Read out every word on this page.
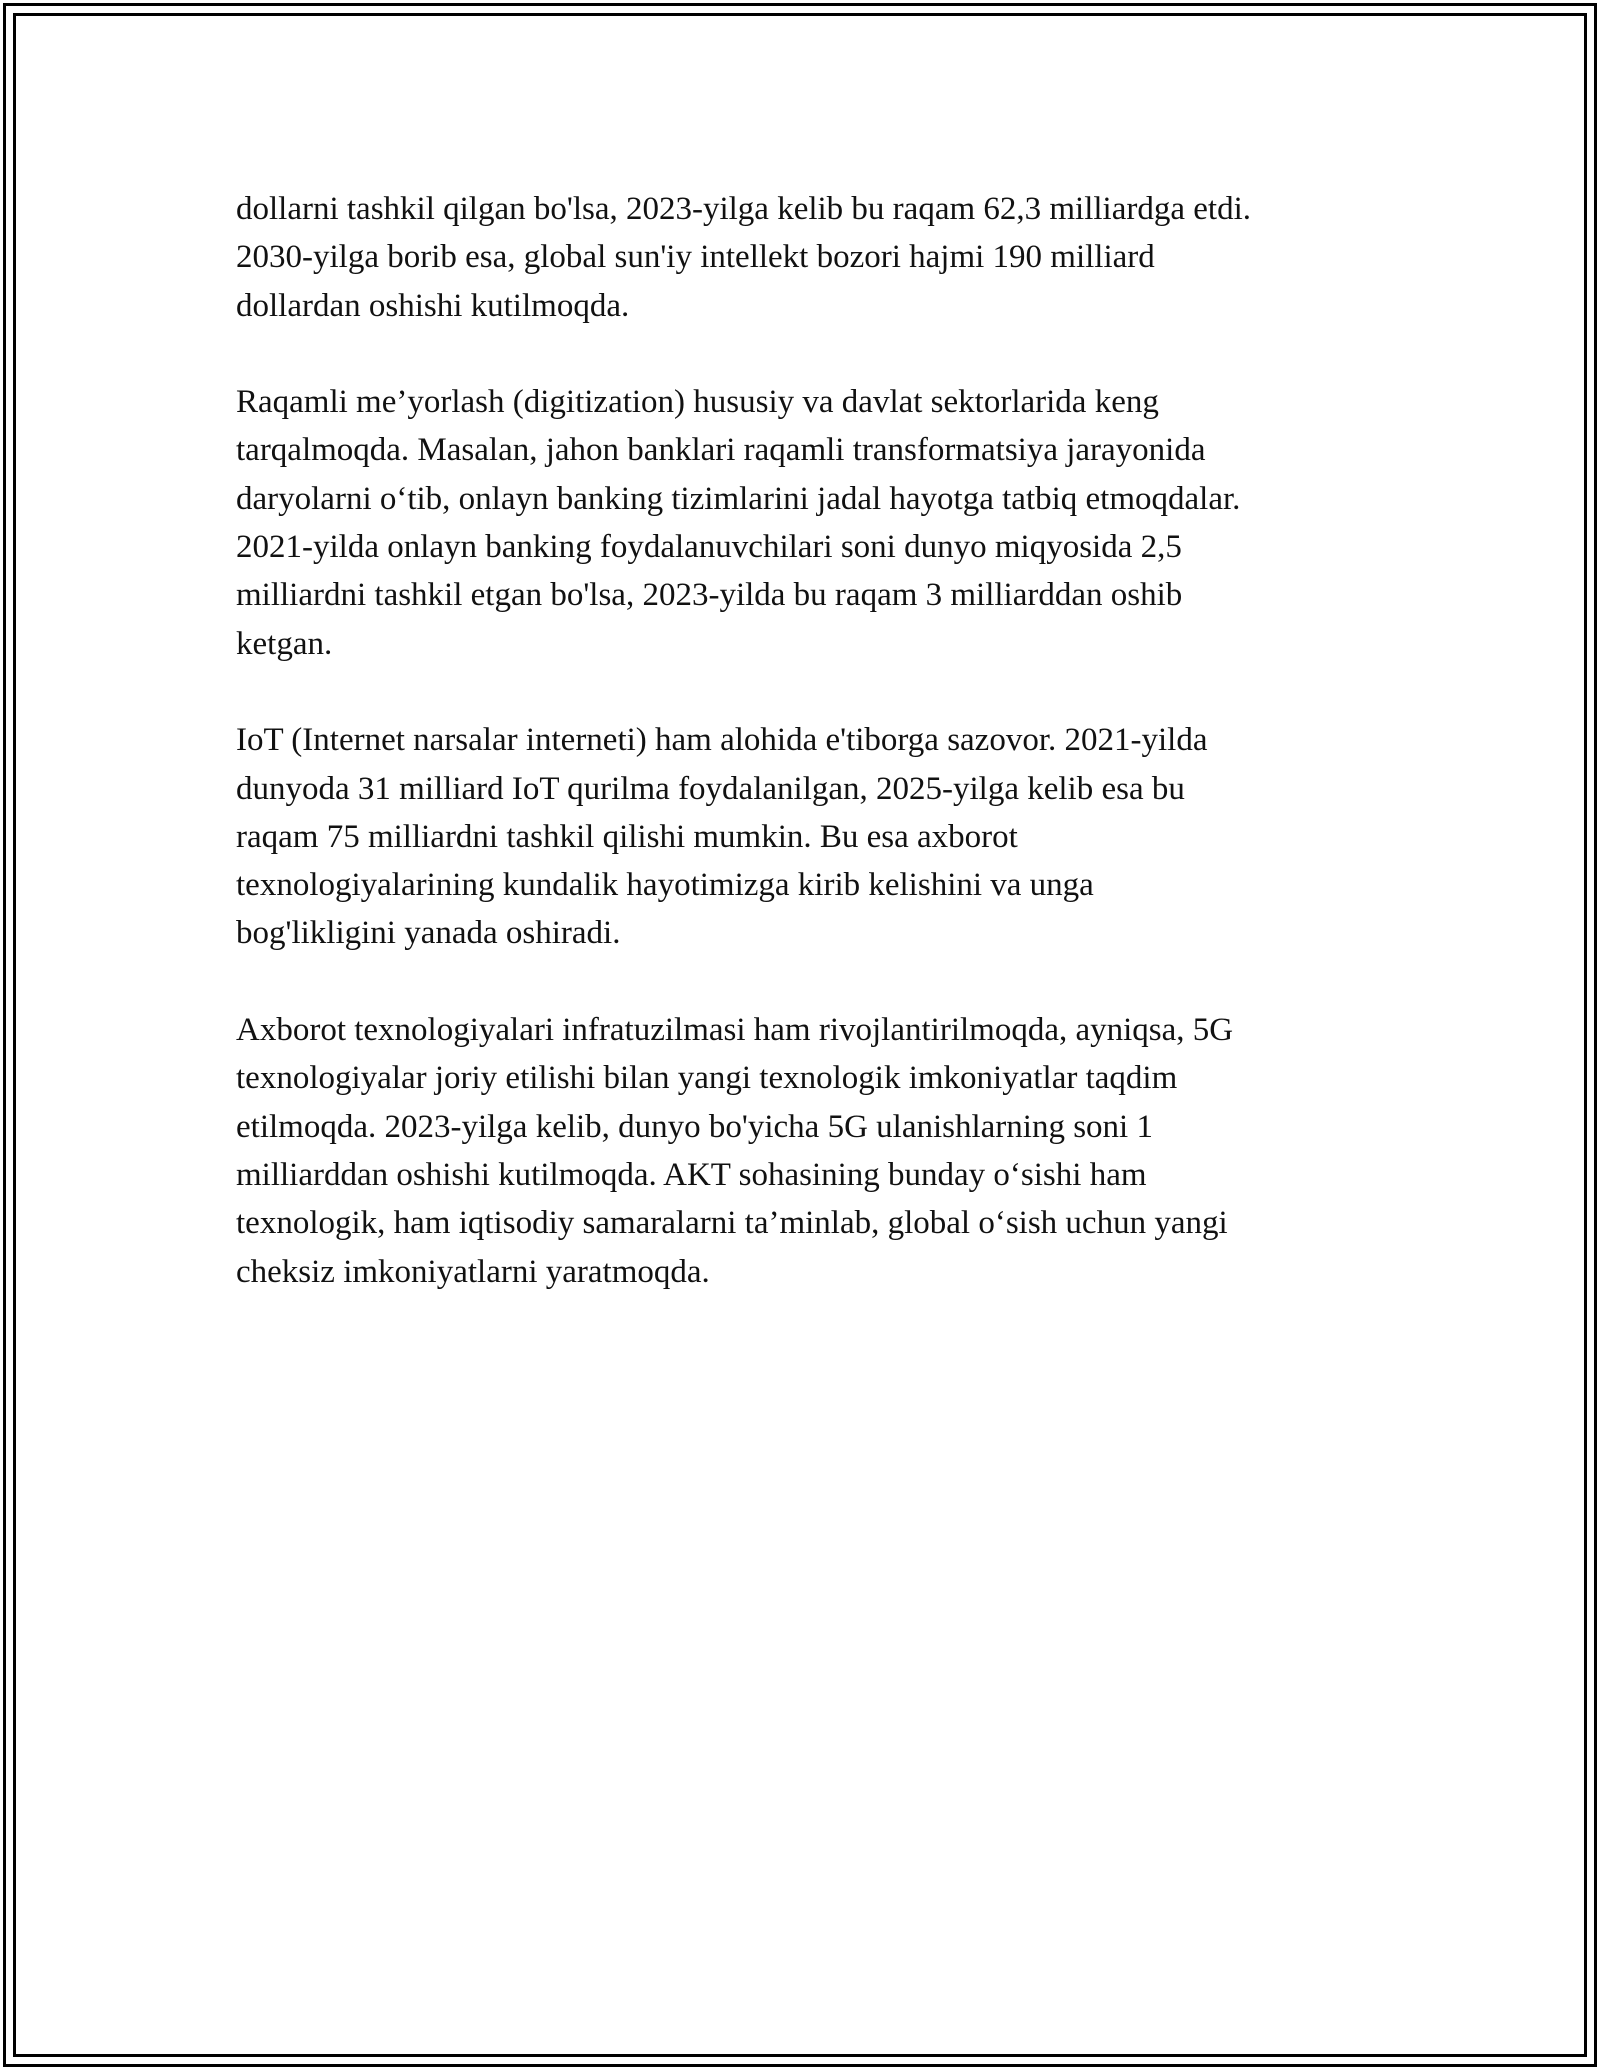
dollarni tashkil qilgan bo'lsa, 2023-yilga kelib bu raqam 62,3 milliardga etdi.
2030-yilga borib esa, global sun'iy intellekt bozori hajmi 190 milliard
dollardan oshishi kutilmoqda.

Raqamli me’yorlash (digitization) hususiy va davlat sektorlarida keng
tarqalmoqda. Masalan, jahon banklari raqamli transformatsiya jarayonida
daryolarni o‘tib, onlayn banking tizimlarini jadal hayotga tatbiq etmoqdalar.
2021-yilda onlayn banking foydalanuvchilari soni dunyo miqyosida 2,5
milliardni tashkil etgan bo'lsa, 2023-yilda bu raqam 3 milliarddan oshib
ketgan.

IoT (Internet narsalar interneti) ham alohida e'tiborga sazovor. 2021-yilda
dunyoda 31 milliard IoT qurilma foydalanilgan, 2025-yilga kelib esa bu
raqam 75 milliardni tashkil qilishi mumkin. Bu esa axborot
texnologiyalarining kundalik hayotimizga kirib kelishini va unga
bog'likligini yanada oshiradi.

Axborot texnologiyalari infratuzilmasi ham rivojlantirilmoqda, ayniqsa, 5G
texnologiyalar joriy etilishi bilan yangi texnologik imkoniyatlar taqdim
etilmoqda. 2023-yilga kelib, dunyo bo'yicha 5G ulanishlarning soni 1
milliarddan oshishi kutilmoqda. AKT sohasining bunday o‘sishi ham
texnologik, ham iqtisodiy samaralarni ta’minlab, global o‘sish uchun yangi
cheksiz imkoniyatlarni yaratmoqda.
